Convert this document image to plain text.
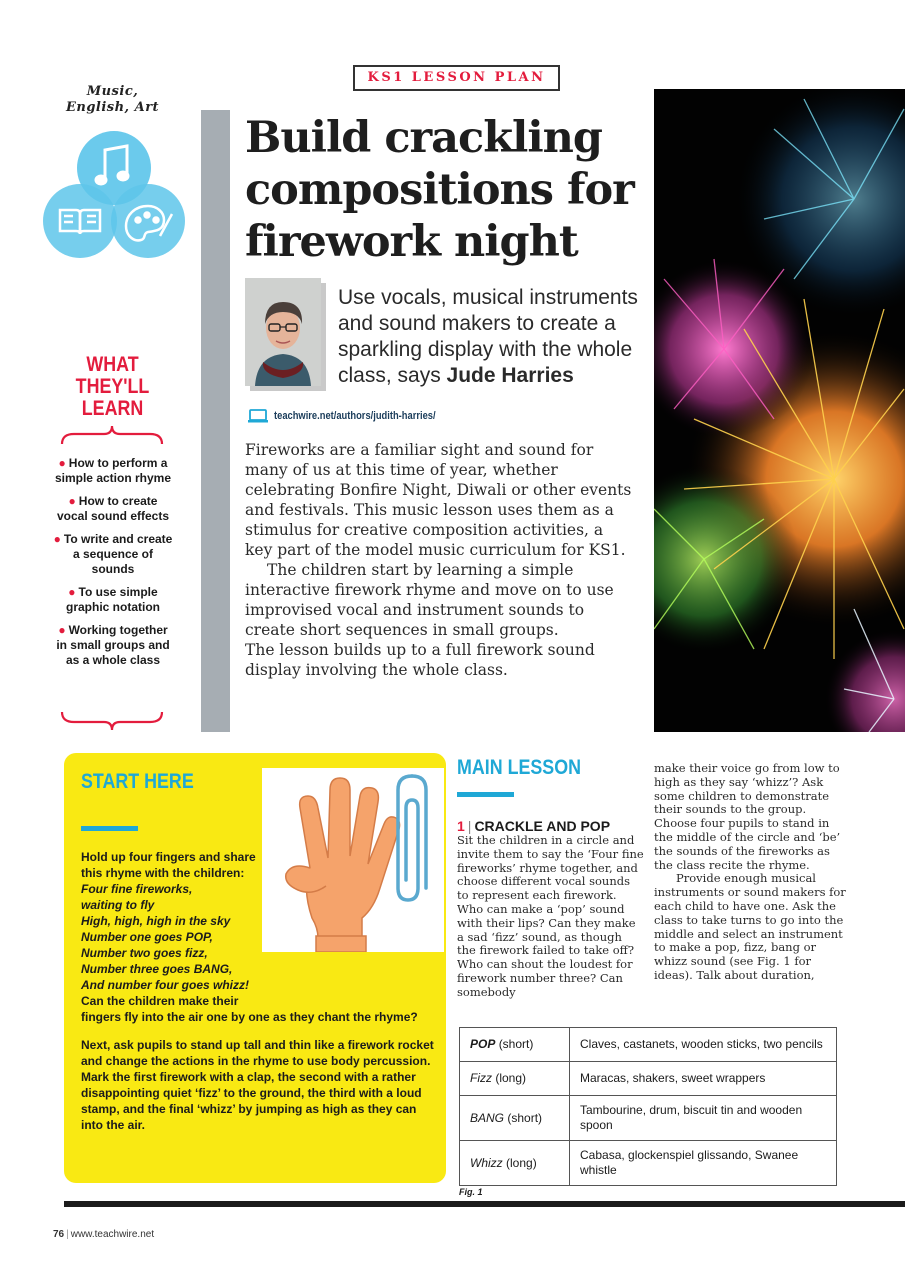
Music,
English, Art
WHAT
THEY'LL
LEARN
● How to perform a simple action rhyme
● How to create vocal sound effects
● To write and create a sequence of sounds
● To use simple graphic notation
● Working together in small groups and as a whole class
KS1 LESSON PLAN
Build crackling compositions for firework night
Use vocals, musical instruments and sound makers to create a sparkling display with the whole class, says Jude Harries
teachwire.net/authors/judith-harries/

Fireworks are a familiar sight and sound for many of us at this time of year, whether celebrating Bonfire Night, Diwali or other events and festivals. This music lesson uses them as a stimulus for creative composition activities, a key part of the model music curriculum for KS1.

The children start by learning a simple interactive firework rhyme and move on to use improvised vocal and instrument sounds to create short sequences in small groups.

The lesson builds up to a full firework sound display involving the whole class.

START HERE
Hold up four fingers and share this rhyme with the children:
Four fine fireworks,
waiting to fly
High, high, high in the sky
Number one goes POP,
Number two goes fizz,
Number three goes BANG,
And number four goes whizz!
Can the children make their
fingers fly into the air one by one as they chant the rhyme?
Next, ask pupils to stand up tall and thin like a firework rocket and change the actions in the rhyme to use body percussion. Mark the first firework with a clap, the second with a rather disappointing quiet ‘fizz’ to the ground, the third with a loud stamp, and the final ‘whizz’ by jumping as high as they can into the air.
MAIN LESSON
1 | CRACKLE AND POP
Sit the children in a circle and invite them to say the ‘Four fine fireworks’ rhyme together, and choose different vocal sounds to represent each firework. Who can make a ‘pop’ sound with their lips? Can they make a sad ‘fizz’ sound, as though the firework failed to take off? Who can shout the loudest for firework number three? Can somebody

make their voice go from low to high as they say ‘whizz’? Ask some children to demonstrate their sounds to the group. Choose four pupils to stand in the middle of the circle and ‘be’ the sounds of the fireworks as the class recite the rhyme.

Provide enough musical instruments or sound makers for each child to have one. Ask the class to take turns to go into the middle and select an instrument to make a pop, fizz, bang or whizz sound (see Fig. 1 for ideas). Talk about duration,

POP (short)	Claves, castanets, wooden sticks, two pencils
Fizz (long)	Maracas, shakers, sweet wrappers
BANG (short)	Tambourine, drum, biscuit tin and wooden spoon
Whizz (long)	Cabasa, glockenspiel glissando, Swanee whistle
Fig. 1
76 | www.teachwire.net
